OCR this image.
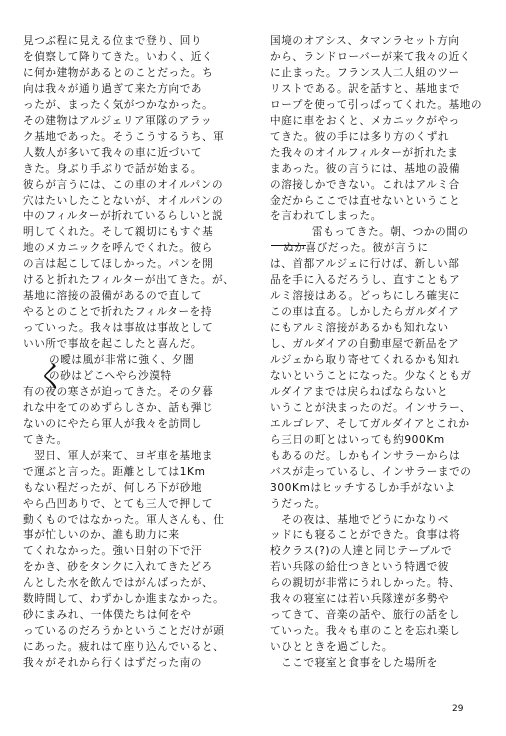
見つぶ程に見える位まで登り、回り
を偵察して降りてきた。いわく、近く
に何か建物があるとのことだった。ち
向は我々が通り過ぎて来た方向であ
ったが、まったく気がつかなかった。
その建物はアルジェリア軍隊のアラッ
ク基地であった。そうこうするうち、軍
人数人が多いて我々の車に近づいて
きた。身ぶり手ぶりで話が始まる。
彼らが言うには、この車のオイルパンの
穴はたいしたことないが、オイルパンの
中のフィルターが折れているらしいと説
明してくれた。そして親切にもすぐ基
地のメカニックを呼んでくれた。彼ら
の言は起こしてほしかった。パンを開
けると折れたフィルターが出てきた。が、
基地に溶接の設備があるので直して
やるとのことで折れたフィルターを持
っていった。我々は事故は事故として
いい所で事故を起こしたと喜んだ。
の曖は風が非常に強く、夕闇
の砂はどこへやら沙漠特
有の夜の寒さが迫ってきた。その夕暮
れな中をてのめずらしさか、話も弾じ
ないのにやたら軍人が我々を訪問し
てきた。
　翌日、軍人が来て、ヨギ車を基地ま
で運ぶと言った。距離としては1Km
もない程だったが、何しろ下が砂地
やら凸凹ありで、とても三人で押して
動くものではなかった。軍人さんも、仕
事が忙しいのか、誰も助力に来
てくれなかった。強い日射の下で汗
をかき、砂をタンクに入れてきたどろ
んとした水を飲んではがんばったが、
数時間して、わずかしか進まなかった。
砂にまみれ、一体僕たちは何をや
っているのだろうかということだけが頭
にあった。疲れはて座り込んでいると、
我々がそれから行くはずだった南の
国境のオアシス、タマンラセット方向
から、ランドローバーが来て我々の近く
に止まった。フランス人二人組のツー
リストである。訳を話すと、基地まで
ロープを使って引っぱってくれた。基地の
中庭に車をおくと、メカニックがやっ
てきた。彼の手には多り方のくずれ
た我々のオイルフィルターが折れたま
まあった。彼の言うには、基地の設備
の溶接しかできない。これはアルミ合
金だからここでは直せないということ
を言われてしまった。
雷もってきた。朝、つかの間の
ぬか喜びだった。彼が言うに
は、首都アルジェに行けば、新しい部
品を手に入るだろうし、直すこともア
ルミ溶接はある。どっちにしろ確実に
この車は直る。しかしたらガルダイア
にもアルミ溶接があるかも知れない
し、ガルダイアの自動車屋で新品をア
ルジェから取り寄せてくれるかも知れ
ないということになった。少なくともガ
ルダイアまでは戻らねばならないと
いうことが決まったのだ。インサラー、
エルゴレア、そしてガルダイアとこれか
ら三日の町とはいっても約900Km
もあるのだ。しかもインサラーからは
バスが走っているし、インサラーまでの
300Kmはヒッチするしか手がないよ
うだった。
　その夜は、基地でどうにかなりベ
ッドにも寝ることができた。食事は将
校クラス(?)の人達と同じテーブルで
若い兵隊の給仕つきという特遇で彼
らの親切が非常にうれしかった。特、
我々の寝室には若い兵隊達が多勢や
ってきて、音楽の話や、旅行の話をし
ていった。我々も車のことを忘れ楽し
いひとときを過ごした。
　ここで寝室と食事をした場所を
く
29
